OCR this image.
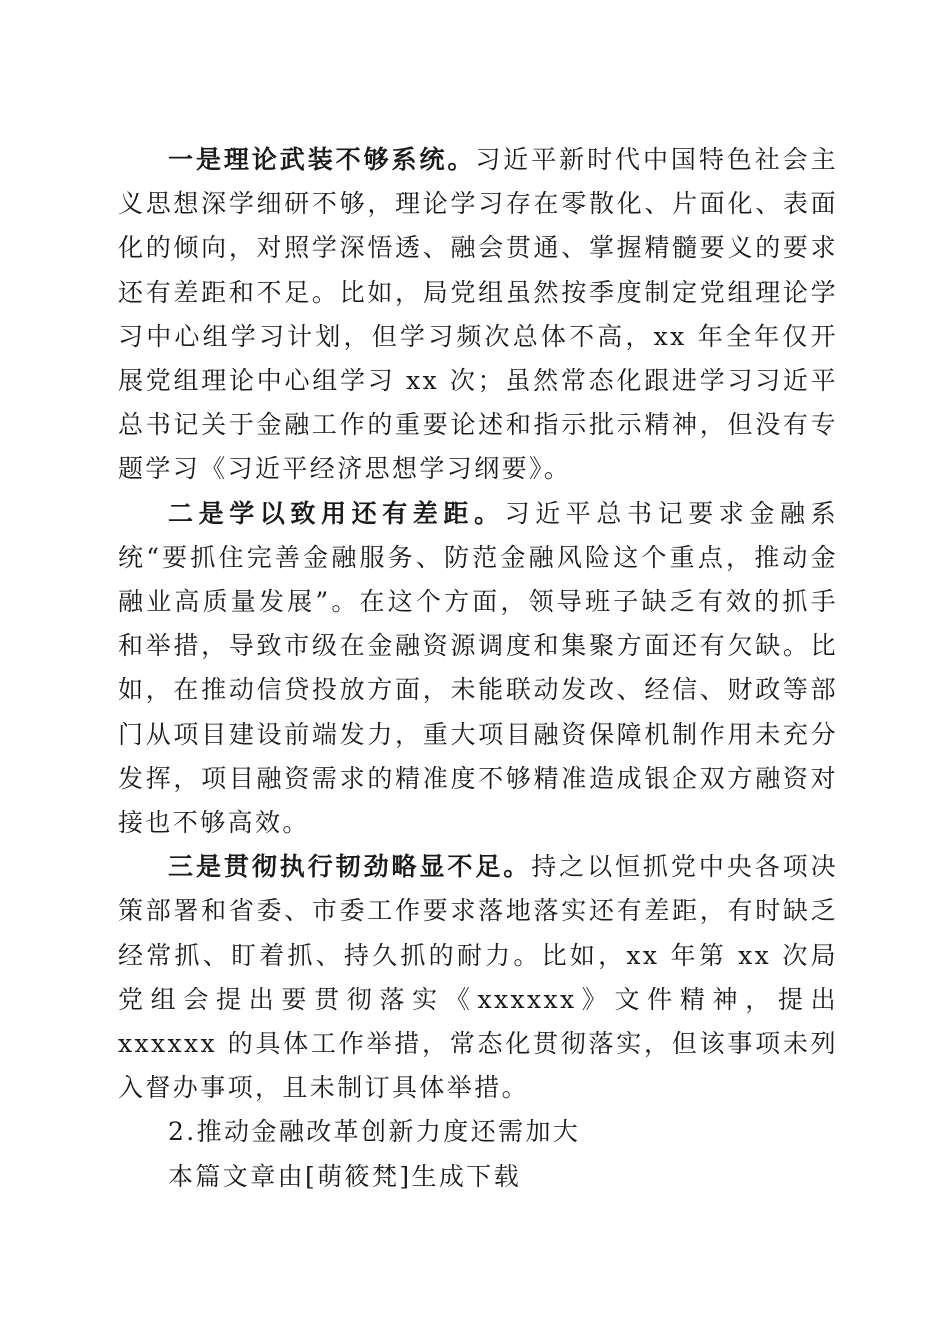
一是理论武装不够系统。习近平新时代中国特色社会主义思想深学细研不够，理论学习存在零散化、片面化、表面化的倾向，对照学深悟透、融会贯通、掌握精髓要义的要求还有差距和不足。比如，局党组虽然按季度制定党组理论学习中心组学习计划，但学习频次总体不高，xx 年全年仅开展党组理论中心组学习 xx 次；虽然常态化跟进学习习近平总书记关于金融工作的重要论述和指示批示精神，但没有专题学习《习近平经济思想学习纲要》。

二是学以致用还有差距。习近平总书记要求金融系统“要抓住完善金融服务、防范金融风险这个重点，推动金融业高质量发展”。在这个方面，领导班子缺乏有效的抓手和举措，导致市级在金融资源调度和集聚方面还有欠缺。比如，在推动信贷投放方面，未能联动发改、经信、财政等部门从项目建设前端发力，重大项目融资保障机制作用未充分发挥，项目融资需求的精准度不够精准造成银企双方融资对接也不够高效。

三是贯彻执行韧劲略显不足。持之以恒抓党中央各项决策部署和省委、市委工作要求落地落实还有差距，有时缺乏经常抓、盯着抓、持久抓的耐力。比如，xx 年第 xx 次局党组会提出要贯彻落实《xxxxxx》文件精神，提出 xxxxxx 的具体工作举措，常态化贯彻落实，但该事项未列入督办事项，且未制订具体举措。

2.推动金融改革创新力度还需加大

本篇文章由[萌筱梵]生成下载
